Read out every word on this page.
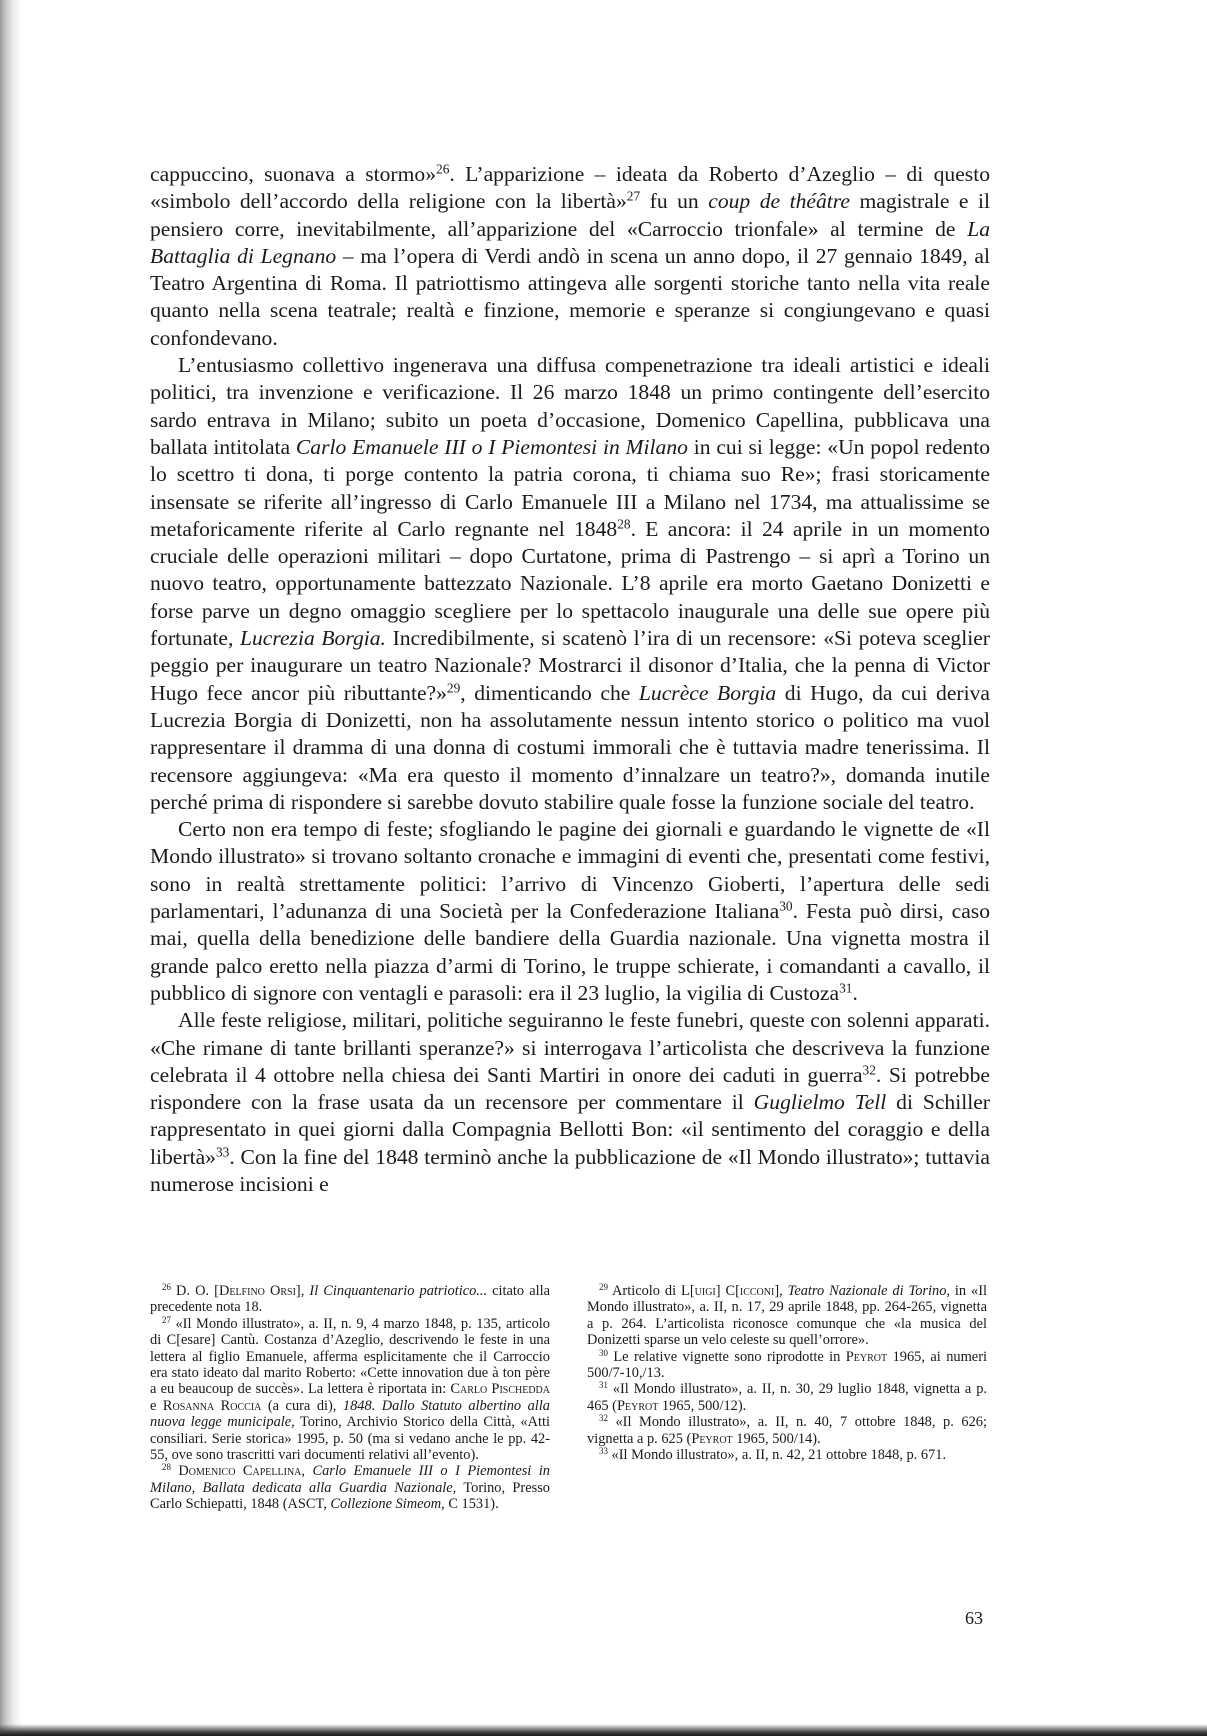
cappuccino, suonava a stormo»$^{26}$. L’apparizione – ideata da Roberto d’Azeglio – di questo «simbolo dell’accordo della religione con la libertà»$^{27}$ fu un coup de théâtre magistrale e il pensiero corre, inevitabilmente, all’apparizione del «Carroccio trionfale» al termine de La Battaglia di Legnano – ma l’opera di Verdi andò in scena un anno dopo, il 27 gennaio 1849, al Teatro Argentina di Roma. Il patriottismo attingeva alle sorgenti storiche tanto nella vita reale quanto nella scena teatrale; realtà e finzione, memorie e speranze si congiungevano e quasi confondevano.

L’entusiasmo collettivo ingenerava una diffusa compenetrazione tra ideali artistici e ideali politici, tra invenzione e verificazione. Il 26 marzo 1848 un primo contingente dell’esercito sardo entrava in Milano; subito un poeta d’occasione, Domenico Capellina, pubblicava una ballata intitolata Carlo Emanuele III o I Piemontesi in Milano in cui si legge: «Un popol redento lo scettro ti dona, ti porge contento la patria corona, ti chiama suo Re»; frasi storicamente insensate se riferite all’ingresso di Carlo Emanuele III a Milano nel 1734, ma attualissime se metaforicamente riferite al Carlo regnante nel 1848$^{28}$. E ancora: il 24 aprile in un momento cruciale delle operazioni militari – dopo Curtatone, prima di Pastrengo – si aprì a Torino un nuovo teatro, opportunamente battezzato Nazionale. L’8 aprile era morto Gaetano Donizetti e forse parve un degno omaggio scegliere per lo spettacolo inaugurale una delle sue opere più fortunate, Lucrezia Borgia. Incredibilmente, si scatenò l’ira di un recensore: «Si poteva sceglier peggio per inaugurare un teatro Nazionale? Mostrarci il disonor d’Italia, che la penna di Victor Hugo fece ancor più ributtante?»$^{29}$, dimenticando che Lucrèce Borgia di Hugo, da cui deriva Lucrezia Borgia di Donizetti, non ha assolutamente nessun intento storico o politico ma vuol rappresentare il dramma di una donna di costumi immorali che è tuttavia madre tenerissima. Il recensore aggiungeva: «Ma era questo il momento d’innalzare un teatro?», domanda inutile perché prima di rispondere si sarebbe dovuto stabilire quale fosse la funzione sociale del teatro.

Certo non era tempo di feste; sfogliando le pagine dei giornali e guardando le vignette de «Il Mondo illustrato» si trovano soltanto cronache e immagini di eventi che, presentati come festivi, sono in realtà strettamente politici: l’arrivo di Vincenzo Gioberti, l’apertura delle sedi parlamentari, l’adunanza di una Società per la Confederazione Italiana$^{30}$. Festa può dirsi, caso mai, quella della benedizione delle bandiere della Guardia nazionale. Una vignetta mostra il grande palco eretto nella piazza d’armi di Torino, le truppe schierate, i comandanti a cavallo, il pubblico di signore con ventagli e parasoli: era il 23 luglio, la vigilia di Custoza$^{31}$.

Alle feste religiose, militari, politiche seguiranno le feste funebri, queste con solenni apparati. «Che rimane di tante brillanti speranze?» si interrogava l’articolista che descriveva la funzione celebrata il 4 ottobre nella chiesa dei Santi Martiri in onore dei caduti in guerra$^{32}$. Si potrebbe rispondere con la frase usata da un recensore per commentare il Guglielmo Tell di Schiller rappresentato in quei giorni dalla Compagnia Bellotti Bon: «il sentimento del coraggio e della libertà»$^{33}$. Con la fine del 1848 terminò anche la pubblicazione de «Il Mondo illustrato»; tuttavia numerose incisioni e

$^{26}$ D. O. [Delfino Orsi], Il Cinquantenario patriotico... citato alla precedente nota 18.

$^{27}$ «Il Mondo illustrato», a. II, n. 9, 4 marzo 1848, p. 135, articolo di C[esare] Cantù. Costanza d’Azeglio, descrivendo le feste in una lettera al figlio Emanuele, afferma esplicitamente che il Carroccio era stato ideato dal marito Roberto: «Cette innovation due à ton père a eu beaucoup de succès». La lettera è riportata in: Carlo Pischedda e Rosanna Roccia (a cura di), 1848. Dallo Statuto albertino alla nuova legge municipale, Torino, Archivio Storico della Città, «Atti consiliari. Serie storica» 1995, p. 50 (ma si vedano anche le pp. 42-55, ove sono trascritti vari documenti relativi all’evento).

$^{28}$ Domenico Capellina, Carlo Emanuele III o I Piemontesi in Milano, Ballata dedicata alla Guardia Nazionale, Torino, Presso Carlo Schiepatti, 1848 (ASCT, Collezione Simeom, C 1531).

$^{29}$ Articolo di L[uigi] C[icconi], Teatro Nazionale di Torino, in «Il Mondo illustrato», a. II, n. 17, 29 aprile 1848, pp. 264-265, vignetta a p. 264. L’articolista riconosce comunque che «la musica del Donizetti sparse un velo celeste su quell’orrore».

$^{30}$ Le relative vignette sono riprodotte in Peyrot 1965, ai numeri 500/7-10,/13.

$^{31}$ «Il Mondo illustrato», a. II, n. 30, 29 luglio 1848, vignetta a p. 465 (Peyrot 1965, 500/12).

$^{32}$ «Il Mondo illustrato», a. II, n. 40, 7 ottobre 1848, p. 626; vignetta a p. 625 (Peyrot 1965, 500/14).

$^{33}$ «Il Mondo illustrato», a. II, n. 42, 21 ottobre 1848, p. 671.

63
